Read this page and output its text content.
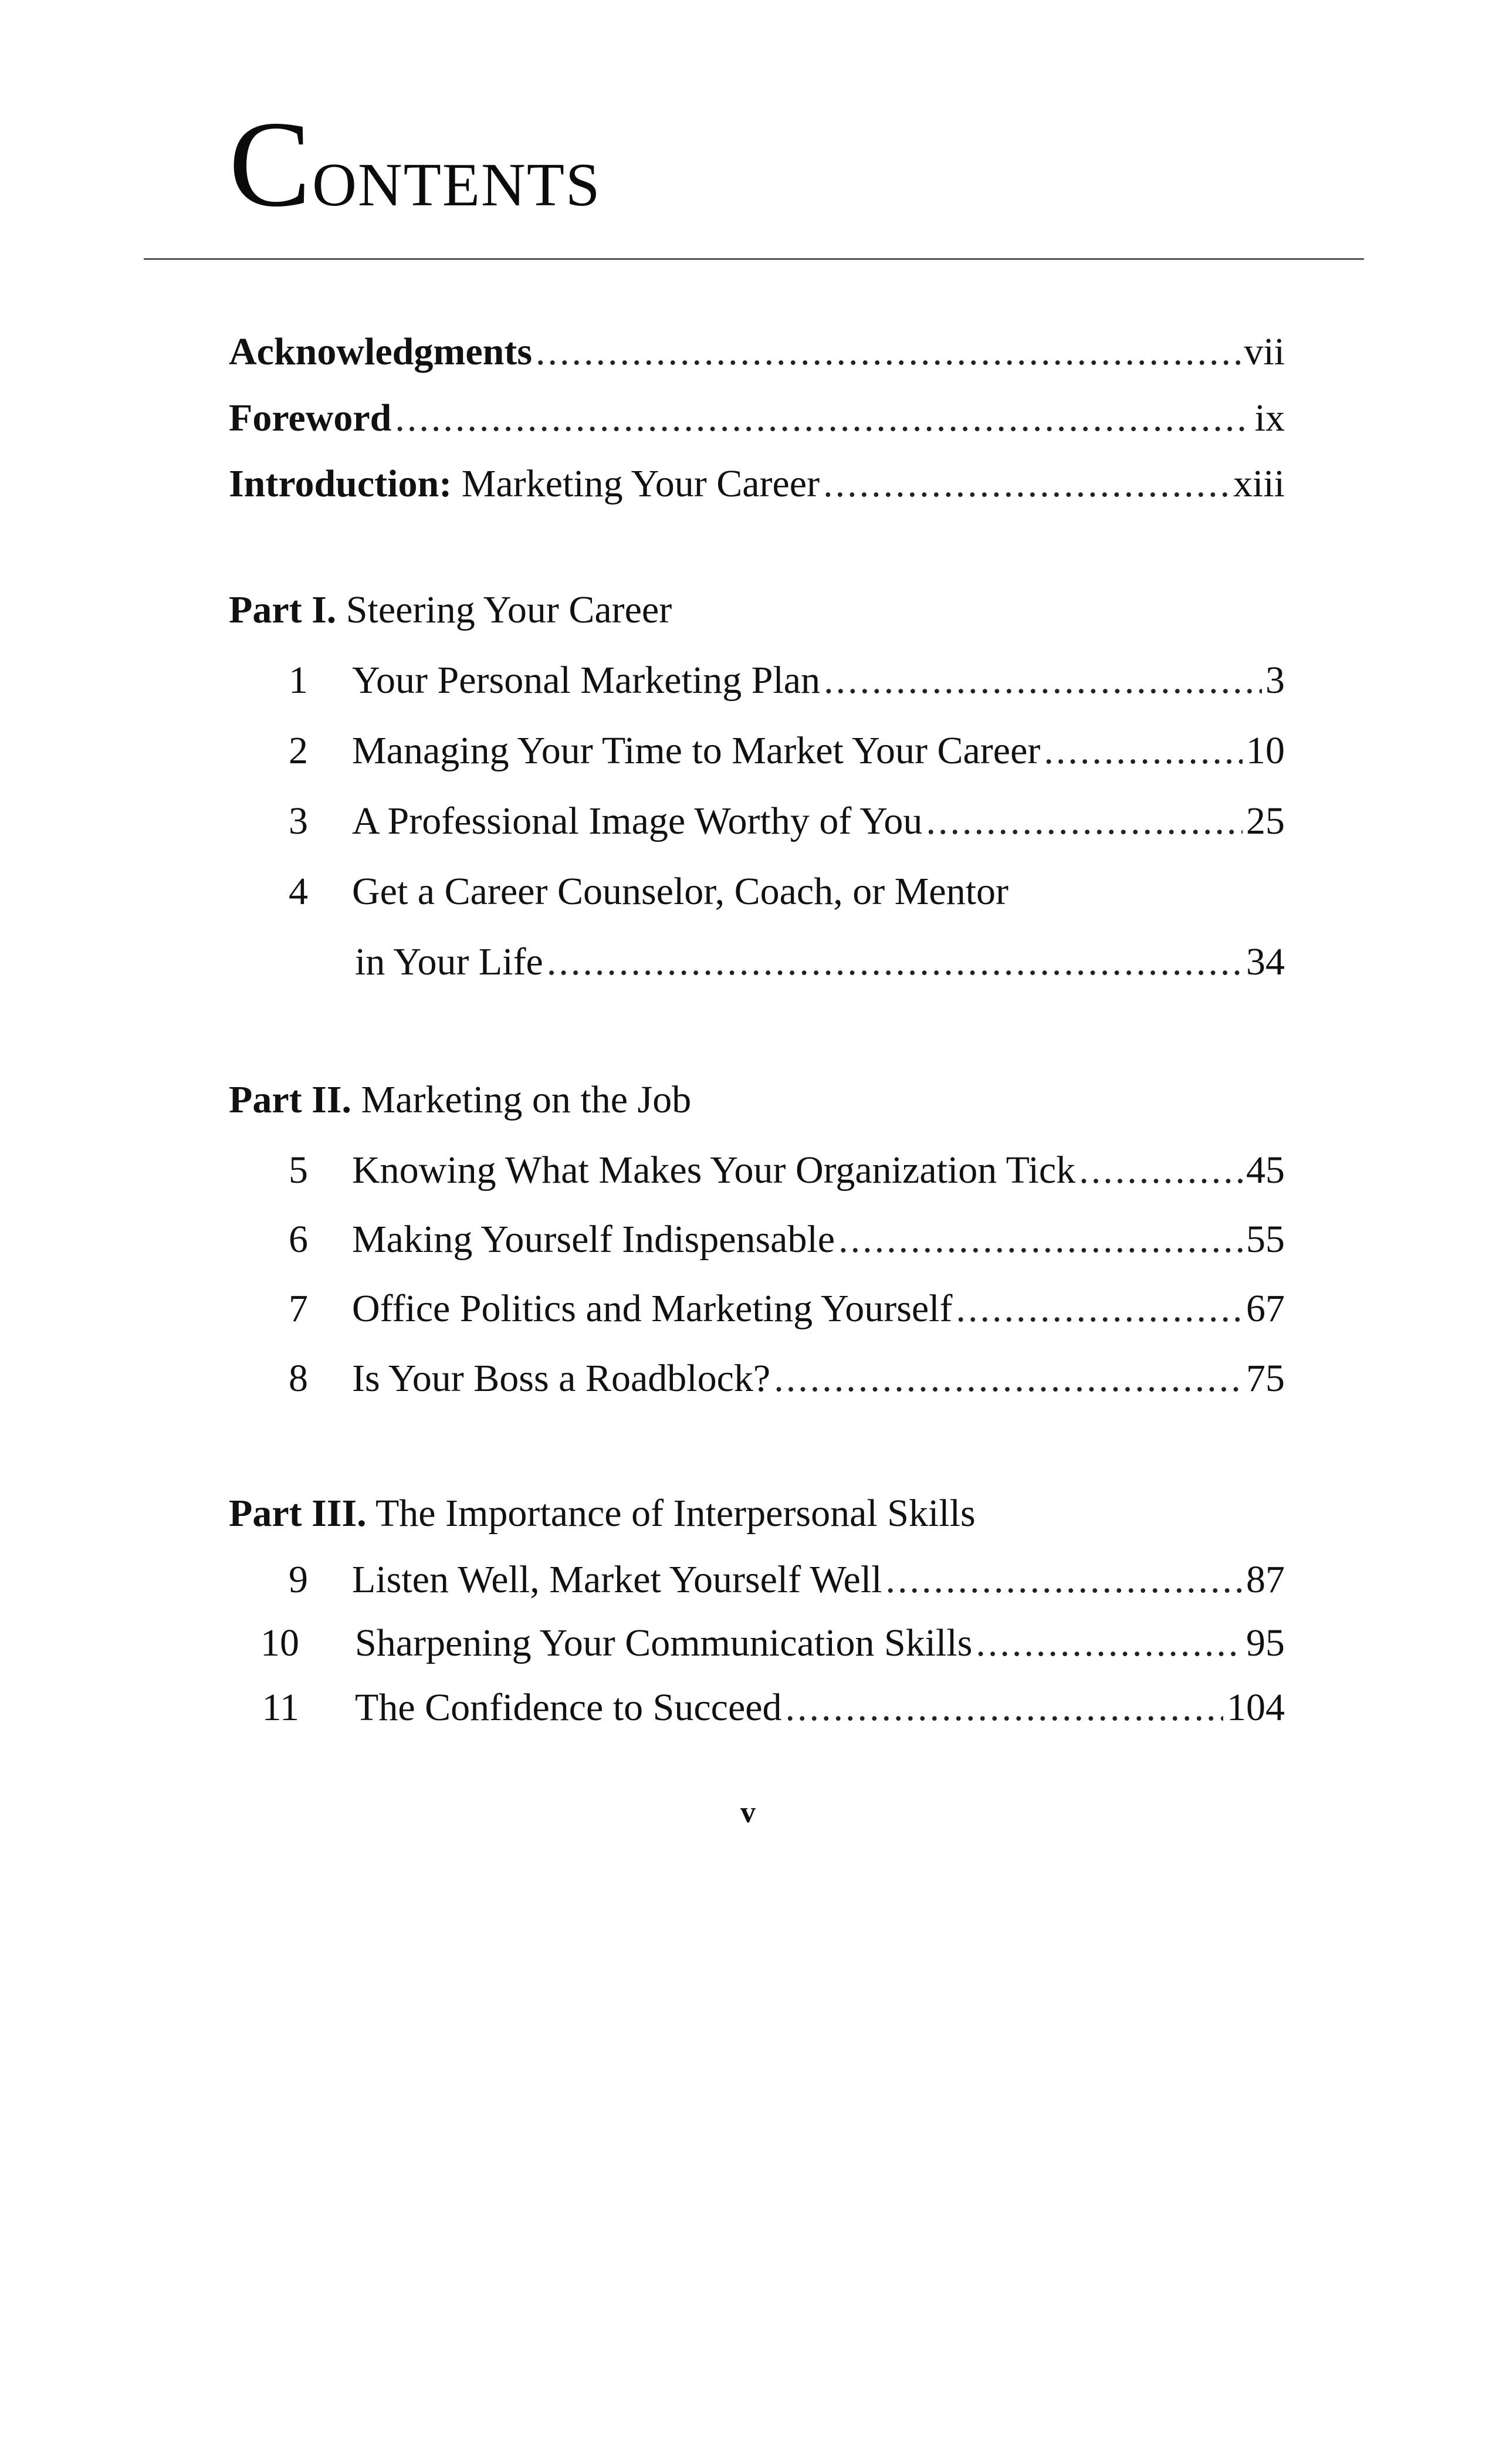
Contents
Acknowledgments .....	vii
Foreword .....	ix
Introduction: Marketing Your Career .....	xiii
Part I. Steering Your Career
1 Your Personal Marketing Plan .....	3
2 Managing Your Time to Market Your Career .....	10
3 A Professional Image Worthy of You .....	25
4 Get a Career Counselor, Coach, or Mentor
in Your Life .....	34
Part II. Marketing on the Job
5 Knowing What Makes Your Organization Tick .....	45
6 Making Yourself Indispensable .....	55
7 Office Politics and Marketing Yourself .....	67
8 Is Your Boss a Roadblock? .....	75
Part III. The Importance of Interpersonal Skills
9 Listen Well, Market Yourself Well .....	87
10 Sharpening Your Communication Skills .....	95
11 The Confidence to Succeed .....	104
v
